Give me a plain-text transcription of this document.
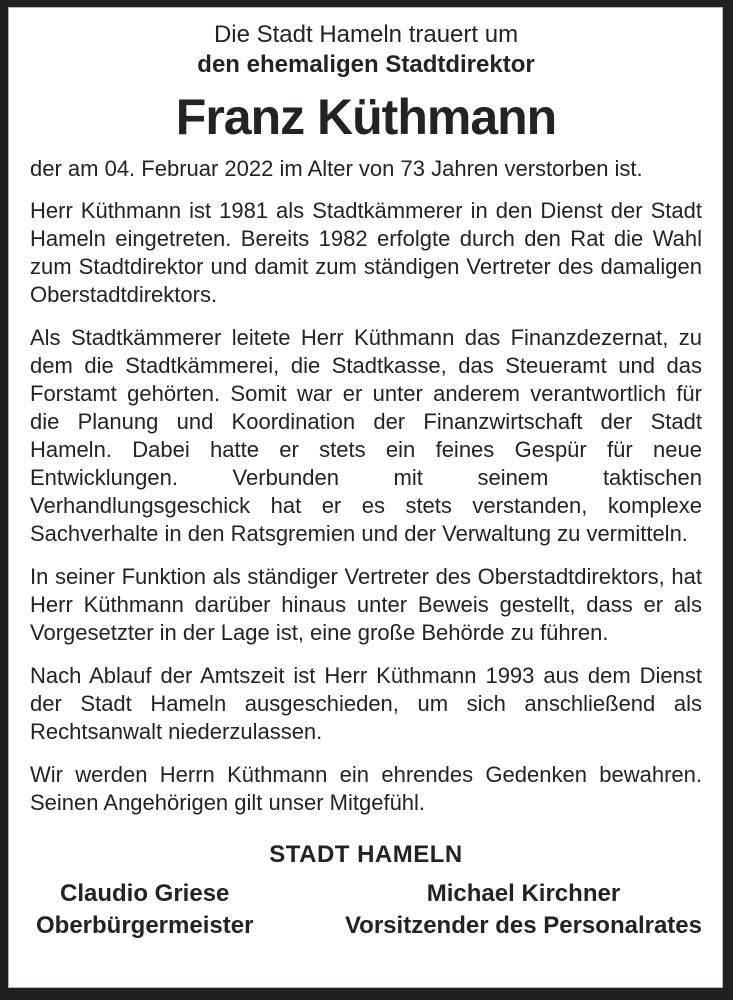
Die Stadt Hameln trauert um

den ehemaligen Stadtdirektor

Franz Küthmann

der am 04. Februar 2022 im Alter von 73 Jahren verstorben ist.

Herr Küthmann ist 1981 als Stadtkämmerer in den Dienst der Stadt Hameln eingetreten. Bereits 1982 erfolgte durch den Rat die Wahl zum Stadtdirektor und damit zum ständigen Vertreter des damaligen Oberstadtdirektors.

Als Stadtkämmerer leitete Herr Küthmann das Finanzdezernat, zu dem die Stadtkämmerei, die Stadtkasse, das Steueramt und das Forstamt gehörten. Somit war er unter anderem verantwortlich für die Planung und Koordination der Finanzwirtschaft der Stadt Hameln. Dabei hatte er stets ein feines Gespür für neue Entwicklungen. Verbunden mit seinem taktischen Verhandlungsgeschick hat er es stets verstanden, komplexe Sachverhalte in den Ratsgremien und der Verwaltung zu vermitteln.

In seiner Funktion als ständiger Vertreter des Oberstadtdirektors, hat Herr Küthmann darüber hinaus unter Beweis gestellt, dass er als Vorgesetzter in der Lage ist, eine große Behörde zu führen.

Nach Ablauf der Amtszeit ist Herr Küthmann 1993 aus dem Dienst der Stadt Hameln ausgeschieden, um sich anschließend als Rechtsanwalt niederzulassen.

Wir werden Herrn Küthmann ein ehrendes Gedenken bewahren. Seinen Angehörigen gilt unser Mitgefühl.

STADT HAMELN

Claudio Griese
Oberbürgermeister
Michael Kirchner
Vorsitzender des Personalrates
